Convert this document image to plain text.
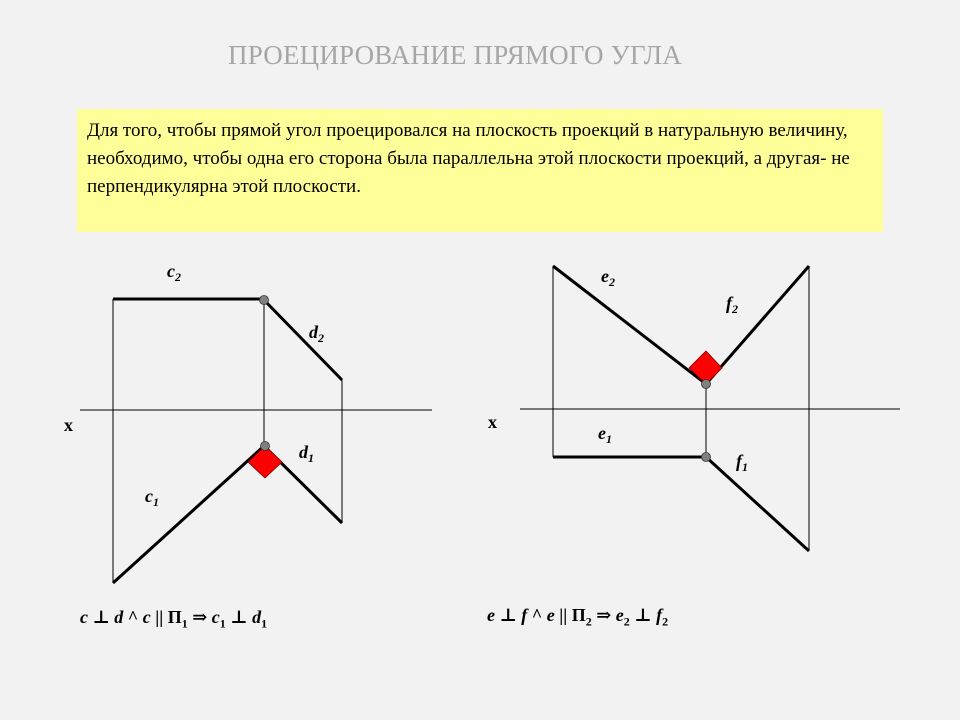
ПРОЕЦИРОВАНИЕ ПРЯМОГО УГЛА
Для того, чтобы прямой угол проецировался на плоскость проекций в натуральную величину, необходимо, чтобы одна его сторона была параллельна этой плоскости проекций, а другая- не перпендикулярна этой плоскости.
x
$c_2$
$d_2$
$c_1$
$d_1$
x
$e_2$
$f_2$
$e_1$
$f_1$
c ⊥ d ^ c || $П_1$ ⇒ $c_1$ ⊥ $d_1$	e ⊥ f ^ e || $П_2$ ⇒ $e_2$ ⊥ $f_2$
